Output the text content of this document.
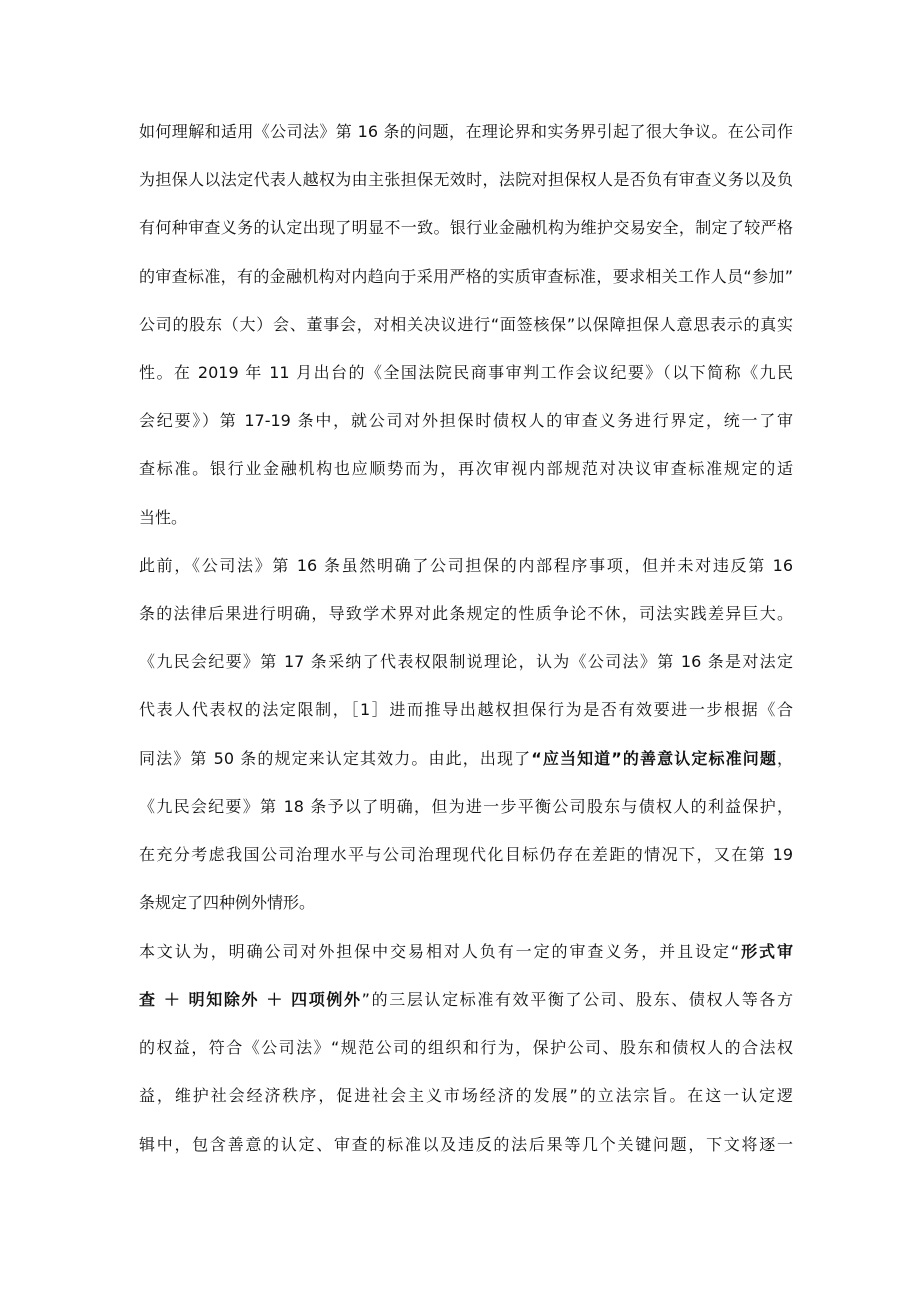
如何理解和适用《公司法》第 16 条的问题，在理论界和实务界引起了很大争议。在公司作
为担保人以法定代表人越权为由主张担保无效时，法院对担保权人是否负有审查义务以及负
有何种审查义务的认定出现了明显不一致。银行业金融机构为维护交易安全，制定了较严格
的审查标准，有的金融机构对内趋向于采用严格的实质审查标准，要求相关工作人员“参加”
公司的股东（大）会、董事会，对相关决议进行“面签核保”以保障担保人意思表示的真实
性。在 2019 年 11 月出台的《全国法院民商事审判工作会议纪要》（以下简称《九民
会纪要》）第 17-19 条中，就公司对外担保时债权人的审查义务进行界定，统一了审
查标准。银行业金融机构也应顺势而为，再次审视内部规范对决议审查标准规定的适
当性。
此前，《公司法》第 16 条虽然明确了公司担保的内部程序事项，但并未对违反第 16
条的法律后果进行明确，导致学术界对此条规定的性质争论不休，司法实践差异巨大。
《九民会纪要》第 17 条采纳了代表权限制说理论，认为《公司法》第 16 条是对法定
代表人代表权的法定限制，［1］进而推导出越权担保行为是否有效要进一步根据《合
同法》第 50 条的规定来认定其效力。由此，出现了“应当知道”的善意认定标准问题，
《九民会纪要》第 18 条予以了明确，但为进一步平衡公司股东与债权人的利益保护，
在充分考虑我国公司治理水平与公司治理现代化目标仍存在差距的情况下，又在第 19
条规定了四种例外情形。
本文认为，明确公司对外担保中交易相对人负有一定的审查义务，并且设定“形式审
查 ＋ 明知除外 ＋ 四项例外”的三层认定标准有效平衡了公司、股东、债权人等各方
的权益，符合《公司法》“规范公司的组织和行为，保护公司、股东和债权人的合法权
益，维护社会经济秩序，促进社会主义市场经济的发展”的立法宗旨。在这一认定逻
辑中，包含善意的认定、审查的标准以及违反的法后果等几个关键问题，下文将逐一
